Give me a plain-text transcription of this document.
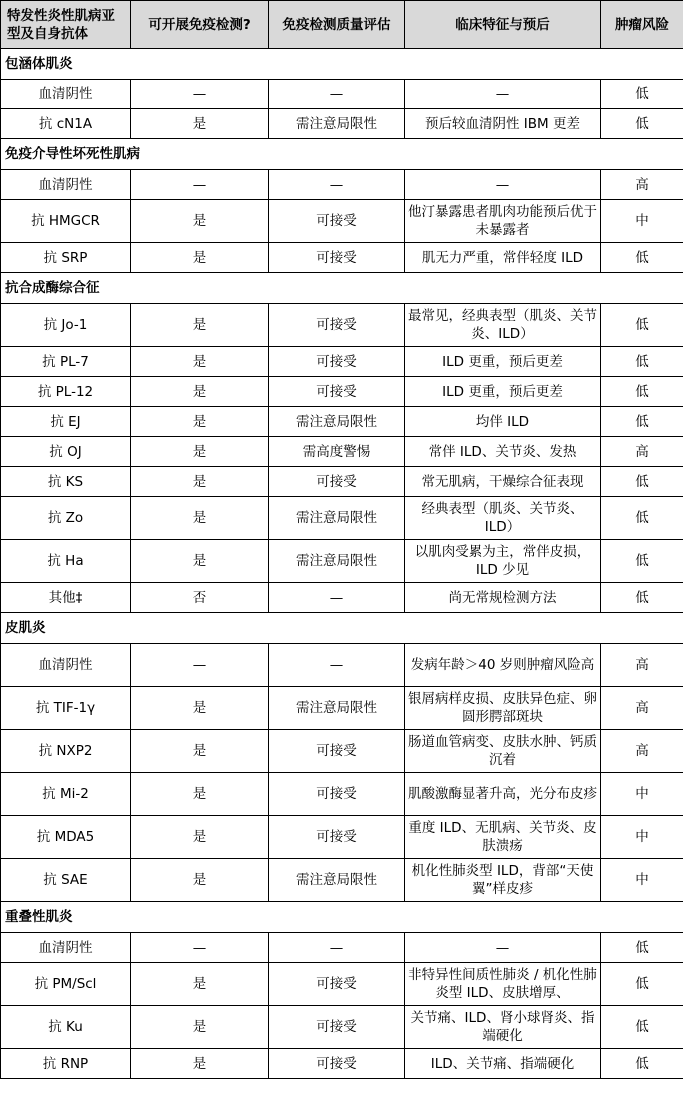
特发性炎性肌病亚型及自身抗体	可开展免疫检测?	免疫检测质量评估	临床特征与预后	肿瘤风险
包涵体肌炎				
血清阴性	—	—	—	低
抗 cN1A	是	需注意局限性	预后较血清阴性 IBM 更差	低
免疫介导性坏死性肌病				
血清阴性	—	—	—	高
抗 HMGCR	是	可接受	他汀暴露患者肌肉功能预后优于未暴露者	中
抗 SRP	是	可接受	肌无力严重，常伴轻度 ILD	低
抗合成酶综合征				
抗 Jo-1	是	可接受	最常见，经典表型（肌炎、关节炎、ILD）	低
抗 PL-7	是	可接受	ILD 更重，预后更差	低
抗 PL-12	是	可接受	ILD 更重，预后更差	低
抗 EJ	是	需注意局限性	均伴 ILD	低
抗 OJ	是	需高度警惕	常伴 ILD、关节炎、发热	高
抗 KS	是	可接受	常无肌病，干燥综合征表现	低
抗 Zo	是	需注意局限性	经典表型（肌炎、关节炎、ILD）	低
抗 Ha	是	需注意局限性	以肌肉受累为主，常伴皮损，ILD 少见	低
其他‡	否	—	尚无常规检测方法	低
皮肌炎				
血清阴性	—	—	发病年龄＞40 岁则肿瘤风险高	高
抗 TIF-1γ	是	需注意局限性	银屑病样皮损、皮肤异色症、卵圆形腭部斑块	高
抗 NXP2	是	可接受	肠道血管病变、皮肤水肿、钙质沉着	高
抗 Mi-2	是	可接受	肌酸激酶显著升高，光分布皮疹	中
抗 MDA5	是	可接受	重度 ILD、无肌病、关节炎、皮肤溃疡	中
抗 SAE	是	需注意局限性	机化性肺炎型 ILD，背部“天使翼”样皮疹	中
重叠性肌炎				
血清阴性	—	—	—	低
抗 PM/Scl	是	可接受	非特异性间质性肺炎 / 机化性肺炎型 ILD、皮肤增厚、	低
抗 Ku	是	可接受	关节痛、ILD、肾小球肾炎、指端硬化	低
抗 RNP	是	可接受	ILD、关节痛、指端硬化	低
